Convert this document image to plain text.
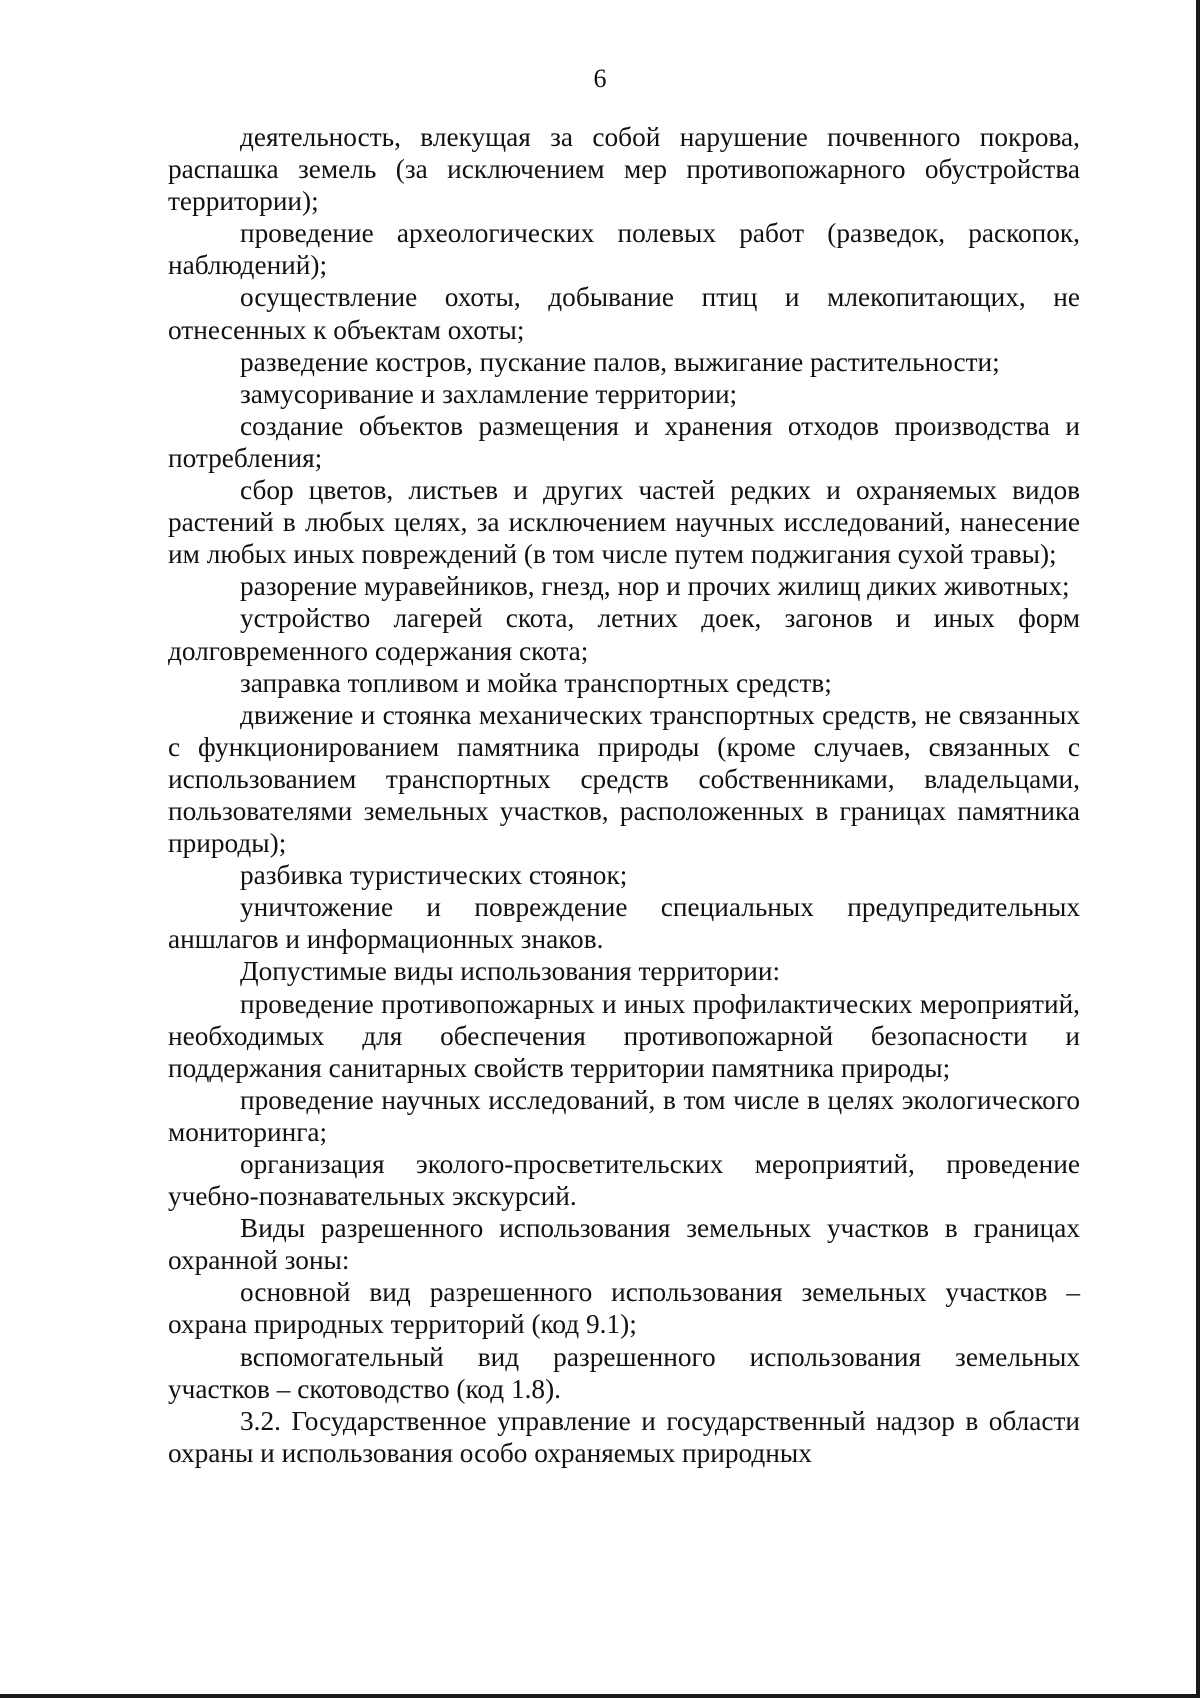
6

деятельность, влекущая за собой нарушение почвенного покрова, распашка земель (за исключением мер противопожарного обустройства территории);

проведение археологических полевых работ (разведок, раскопок, наблюдений);

осуществление охоты, добывание птиц и млекопитающих, не отнесенных к объектам охоты;

разведение костров, пускание палов, выжигание растительности;

замусоривание и захламление территории;

создание объектов размещения и хранения отходов производства и потребления;

сбор цветов, листьев и других частей редких и охраняемых видов растений в любых целях, за исключением научных исследований, нанесение им любых иных повреждений (в том числе путем поджигания сухой травы);

разорение муравейников, гнезд, нор и прочих жилищ диких животных;

устройство лагерей скота, летних доек, загонов и иных форм долговременного содержания скота;

заправка топливом и мойка транспортных средств;

движение и стоянка механических транспортных средств, не связанных с функционированием памятника природы (кроме случаев, связанных с использованием транспортных средств собственниками, владельцами, пользователями земельных участков, расположенных в границах памятника природы);

разбивка туристических стоянок;

уничтожение и повреждение специальных предупредительных аншлагов и информационных знаков.

Допустимые виды использования территории:

проведение противопожарных и иных профилактических мероприятий, необходимых для обеспечения противопожарной безопасности и поддержания санитарных свойств территории памятника природы;

проведение научных исследований, в том числе в целях экологического мониторинга;

организация эколого-просветительских мероприятий, проведение учебно-познавательных экскурсий.

Виды разрешенного использования земельных участков в границах охранной зоны:

основной вид разрешенного использования земельных участков – охрана природных территорий (код 9.1);

вспомогательный вид разрешенного использования земельных участков – скотоводство (код 1.8).

3.2. Государственное управление и государственный надзор в области охраны и использования особо охраняемых природных
